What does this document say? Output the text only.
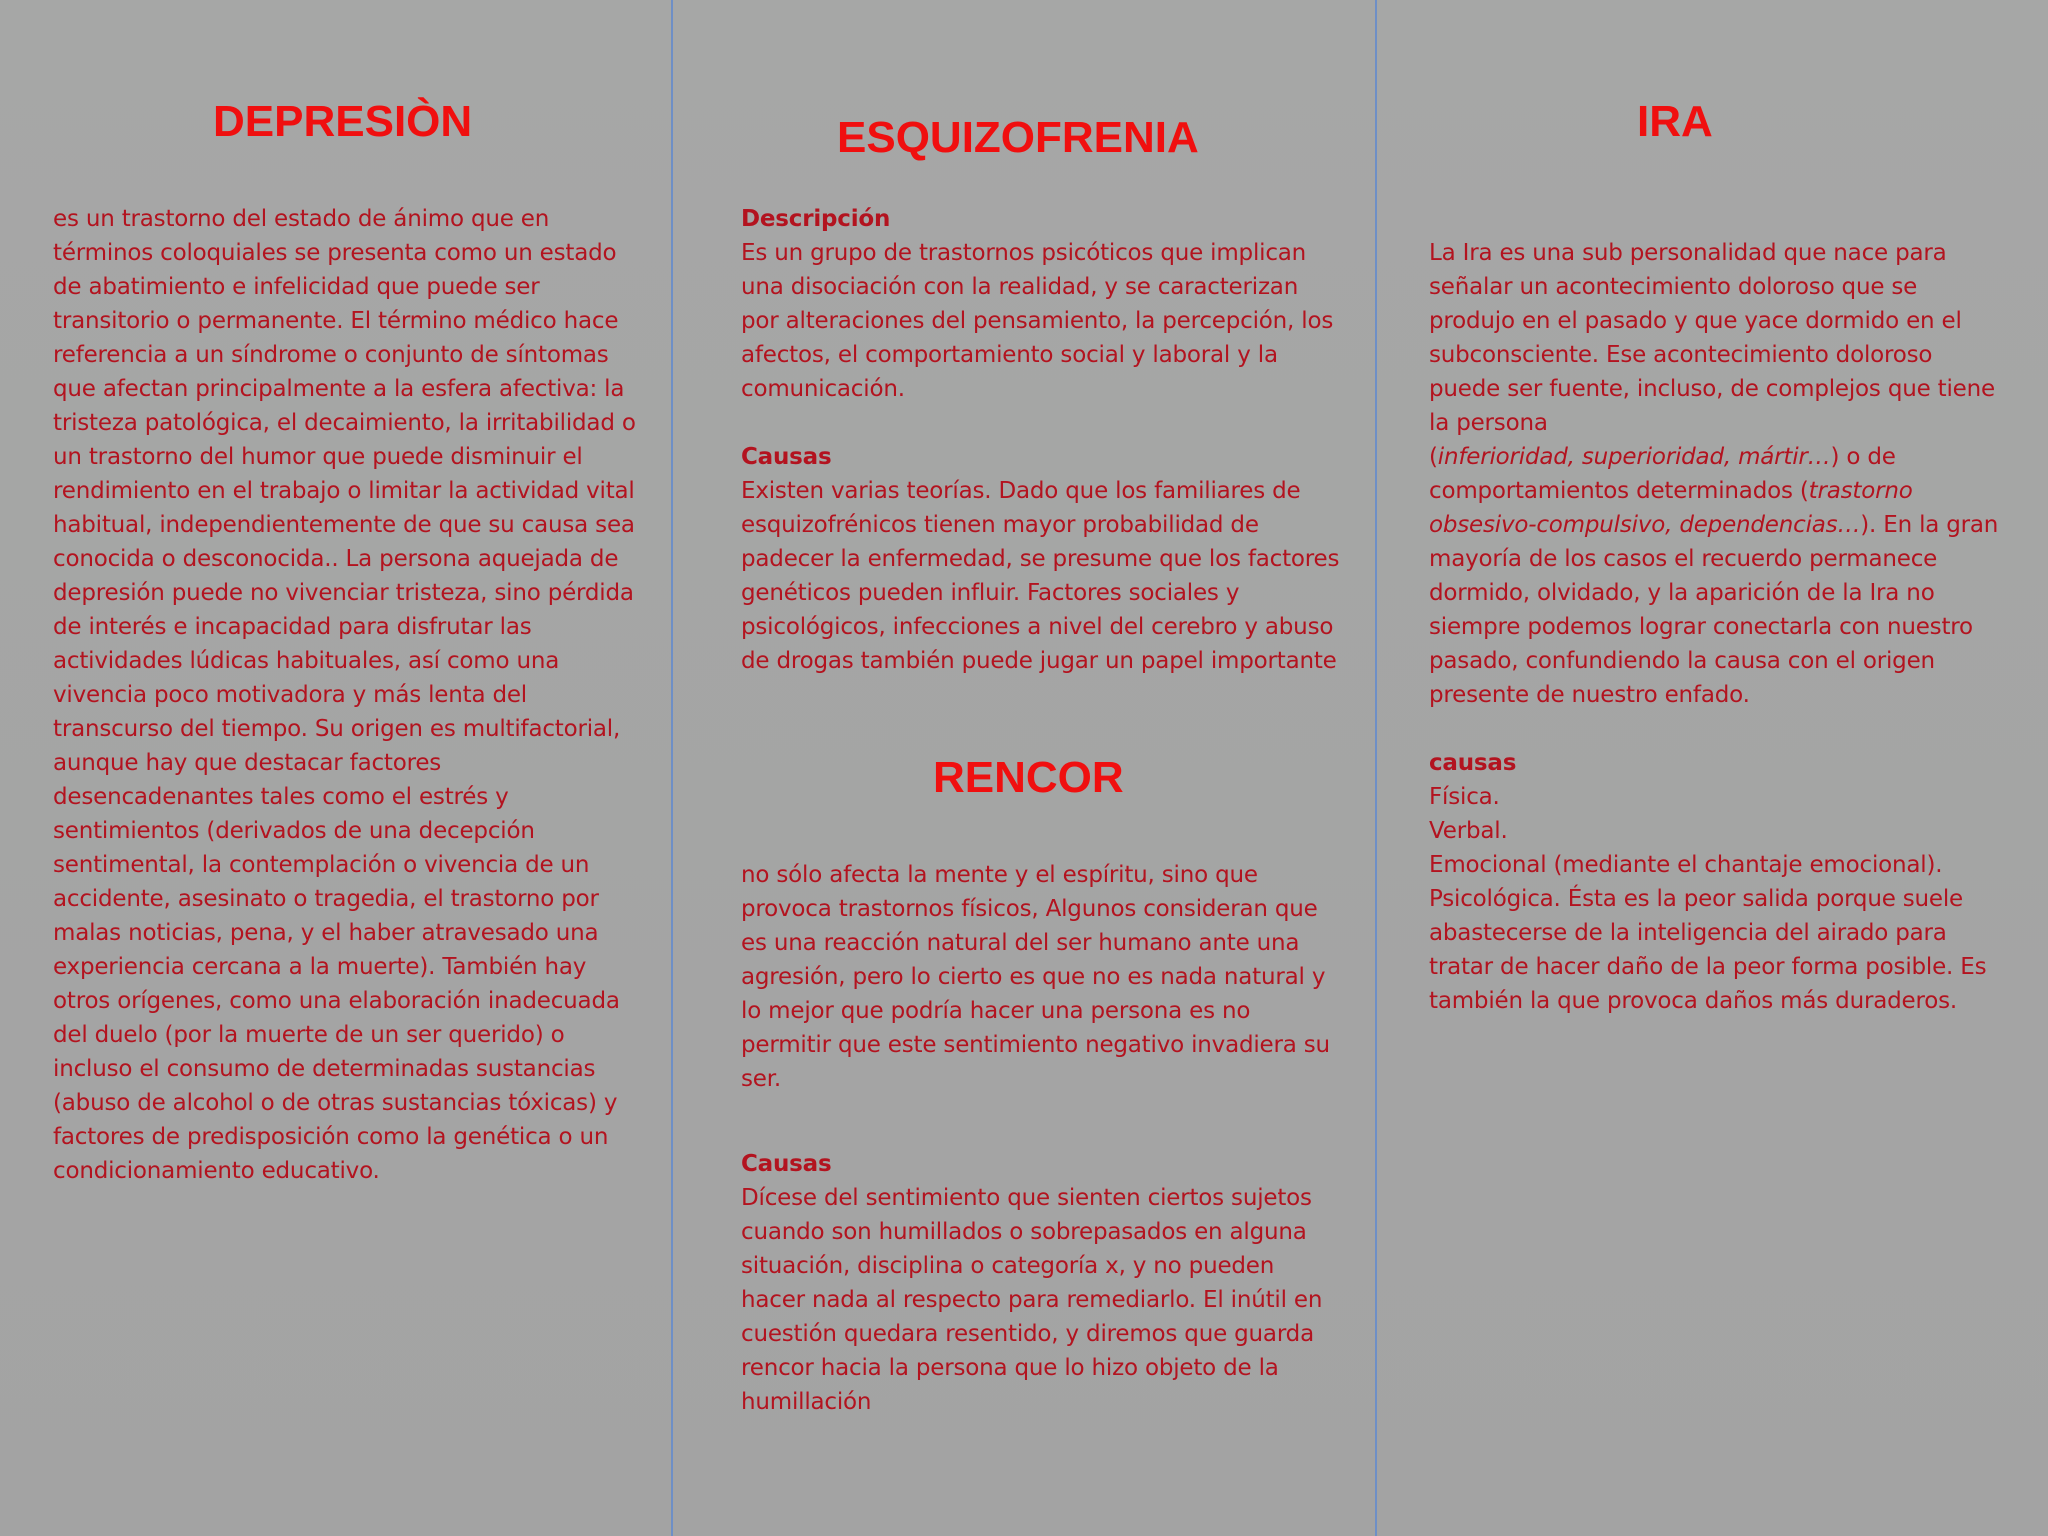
DEPRESIÒN

es un trastorno del estado de ánimo que en términos coloquiales se presenta como un estado de abatimiento e infelicidad que puede ser transitorio o permanente. El término médico hace referencia a un síndrome o conjunto de síntomas que afectan principalmente a la esfera afectiva: la tristeza patológica, el decaimiento, la irritabilidad o un trastorno del humor que puede disminuir el rendimiento en el trabajo o limitar la actividad vital habitual, independientemente de que su causa sea conocida o desconocida.. La persona aquejada de depresión puede no vivenciar tristeza, sino pérdida de interés e incapacidad para disfrutar las actividades lúdicas habituales, así como una vivencia poco motivadora y más lenta del transcurso del tiempo. Su origen es multifactorial, aunque hay que destacar factores desencadenantes tales como el estrés y sentimientos (derivados de una decepción sentimental, la contemplación o vivencia de un accidente, asesinato o tragedia, el trastorno por malas noticias, pena, y el haber atravesado una experiencia cercana a la muerte). También hay otros orígenes, como una elaboración inadecuada del duelo (por la muerte de un ser querido) o incluso el consumo de determinadas sustancias (abuso de alcohol o de otras sustancias tóxicas) y factores de predisposición como la genética o un condicionamiento educativo.

ESQUIZOFRENIA
Descripción
Es un grupo de trastornos psicóticos que implican una disociación con la realidad, y se caracterizan por alteraciones del pensamiento, la percepción, los afectos, el comportamiento social y laboral y la comunicación.
Causas
Existen varias teorías. Dado que los familiares de esquizofrénicos tienen mayor probabilidad de padecer la enfermedad, se presume que los factores genéticos pueden influir. Factores sociales y psicológicos, infecciones a nivel del cerebro y abuso de drogas también puede jugar un papel importante
RENCOR

no sólo afecta la mente y el espíritu, sino que provoca trastornos físicos, Algunos consideran que es una reacción natural del ser humano ante una agresión, pero lo cierto es que no es nada natural y lo mejor que podría hacer una persona es no permitir que este sentimiento negativo invadiera su ser.

Causas
Dícese del sentimiento que sienten ciertos sujetos cuando son humillados o sobrepasados en alguna situación, disciplina o categoría x, y no pueden hacer nada al respecto para remediarlo. El inútil en cuestión quedara resentido, y diremos que guarda rencor hacia la persona que lo hizo objeto de la humillación
IRA
La Ira es una sub personalidad que nace para señalar un acontecimiento doloroso que se produjo en el pasado y que yace dormido en el subconsciente. Ese acontecimiento doloroso puede ser fuente, incluso, de complejos que tiene la persona
(inferioridad, superioridad, mártir…) o de comportamientos determinados (trastorno obsesivo-compulsivo, dependencias…). En la gran mayoría de los casos el recuerdo permanece dormido, olvidado, y la aparición de la Ira no siempre podemos lograr conectarla con nuestro pasado, confundiendo la causa con el origen presente de nuestro enfado.
causas
Física.
Verbal.
Emocional (mediante el chantaje emocional).
Psicológica. Ésta es la peor salida porque suele abastecerse de la inteligencia del airado para tratar de hacer daño de la peor forma posible. Es también la que provoca daños más duraderos.
